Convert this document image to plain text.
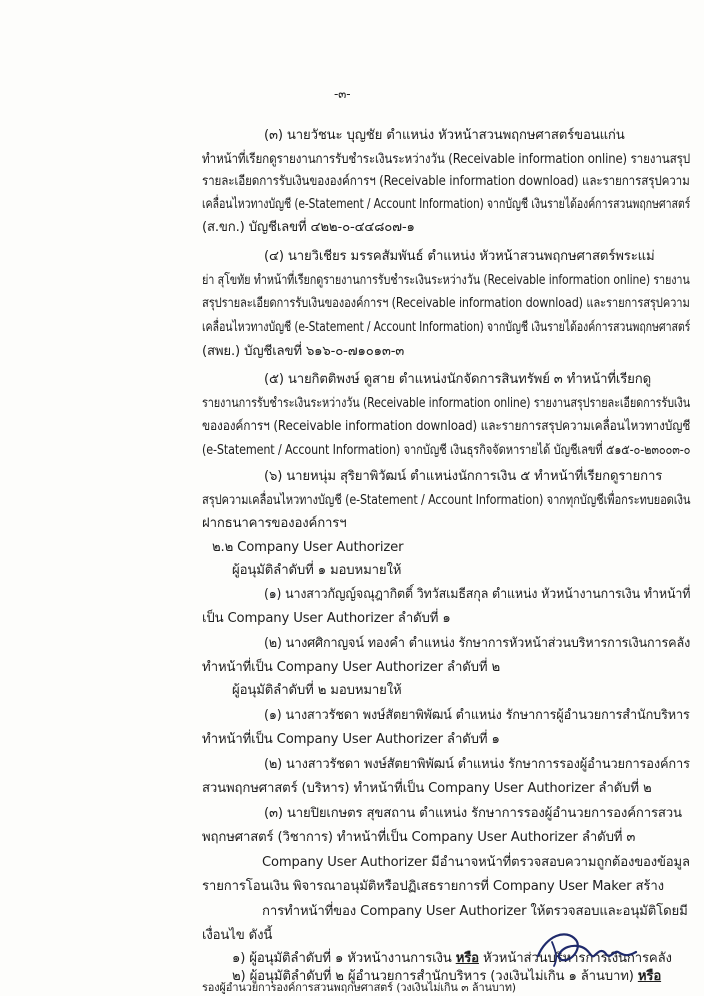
-๓-
(๓) นายวัชนะ บุญชัย ตำแหน่ง หัวหน้าสวนพฤกษศาสตร์ขอนแก่น
ทำหน้าที่เรียกดูรายงานการรับชำระเงินระหว่างวัน (Receivable information online) รายงานสรุป
รายละเอียดการรับเงินขององค์การฯ (Receivable information download) และรายการสรุปความ
เคลื่อนไหวทางบัญชี (e-Statement / Account Information) จากบัญชี เงินรายได้องค์การสวนพฤกษศาสตร์
(ส.ขก.) บัญชีเลขที่ ๔๒๒-๐-๔๔๘๐๗-๑
(๔) นายวิเชียร มรรคสัมพันธ์ ตำแหน่ง หัวหน้าสวนพฤกษศาสตร์พระแม่
ย่า สุโขทัย ทำหน้าที่เรียกดูรายงานการรับชำระเงินระหว่างวัน (Receivable information online) รายงาน
สรุปรายละเอียดการรับเงินขององค์การฯ (Receivable information download) และรายการสรุปความ
เคลื่อนไหวทางบัญชี (e-Statement / Account Information) จากบัญชี เงินรายได้องค์การสวนพฤกษศาสตร์
(สพย.) บัญชีเลขที่ ๖๑๖-๐-๗๑๐๑๓-๓
(๕) นายกิตติพงษ์ ดูสาย ตำแหน่งนักจัดการสินทรัพย์ ๓ ทำหน้าที่เรียกดู
รายงานการรับชำระเงินระหว่างวัน (Receivable information online) รายงานสรุปรายละเอียดการรับเงิน
ขององค์การฯ (Receivable information download) และรายการสรุปความเคลื่อนไหวทางบัญชี
(e-Statement / Account Information) จากบัญชี เงินธุรกิจจัดหารายได้ บัญชีเลขที่ ๕๑๕-๐-๒๓๐๐๓-๐
(๖) นายหนุ่ม สุริยาพิวัฒน์ ตำแหน่งนักการเงิน ๕ ทำหน้าที่เรียกดูรายการ
สรุปความเคลื่อนไหวทางบัญชี (e-Statement / Account Information) จากทุกบัญชีเพื่อกระทบยอดเงิน
ฝากธนาคารขององค์การฯ
๒.๒ Company User Authorizer
ผู้อนุมัติลำดับที่ ๑ มอบหมายให้
(๑) นางสาวกัญญ์จณุฎากิตติ์ วิทวัสเมธีสกุล ตำแหน่ง หัวหน้างานการเงิน ทำหน้าที่
เป็น Company User Authorizer ลำดับที่ ๑
(๒) นางศศิกาญจน์ ทองคำ ตำแหน่ง รักษาการหัวหน้าส่วนบริหารการเงินการคลัง
ทำหน้าที่เป็น Company User Authorizer ลำดับที่ ๒
ผู้อนุมัติลำดับที่ ๒ มอบหมายให้
(๑) นางสาวรัชดา พงษ์สัตยาพิพัฒน์ ตำแหน่ง รักษาการผู้อำนวยการสำนักบริหาร
ทำหน้าที่เป็น Company User Authorizer ลำดับที่ ๑
(๒) นางสาวรัชดา พงษ์สัตยาพิพัฒน์ ตำแหน่ง รักษาการรองผู้อำนวยการองค์การ
สวนพฤกษศาสตร์ (บริหาร) ทำหน้าที่เป็น Company User Authorizer ลำดับที่ ๒
(๓) นายปิยเกษตร สุขสถาน ตำแหน่ง รักษาการรองผู้อำนวยการองค์การสวน
พฤกษศาสตร์ (วิชาการ) ทำหน้าที่เป็น Company User Authorizer ลำดับที่ ๓
Company User Authorizer มีอำนาจหน้าที่ตรวจสอบความถูกต้องของข้อมูล
รายการโอนเงิน พิจารณาอนุมัติหรือปฏิเสธรายการที่ Company User Maker สร้าง
การทำหน้าที่ของ Company User Authorizer ให้ตรวจสอบและอนุมัติโดยมี
เงื่อนไข ดังนี้
๑) ผู้อนุมัติลำดับที่ ๑ หัวหน้างานการเงิน หรือ หัวหน้าส่วนบริหารการเงินการคลัง
๒) ผู้อนุมัติลำดับที่ ๒ ผู้อำนวยการสำนักบริหาร (วงเงินไม่เกิน ๑ ล้านบาท) หรือ
รองผู้อำนวยการองค์การสวนพฤกษศาสตร์ (วงเงินไม่เกิน ๓ ล้านบาท)
